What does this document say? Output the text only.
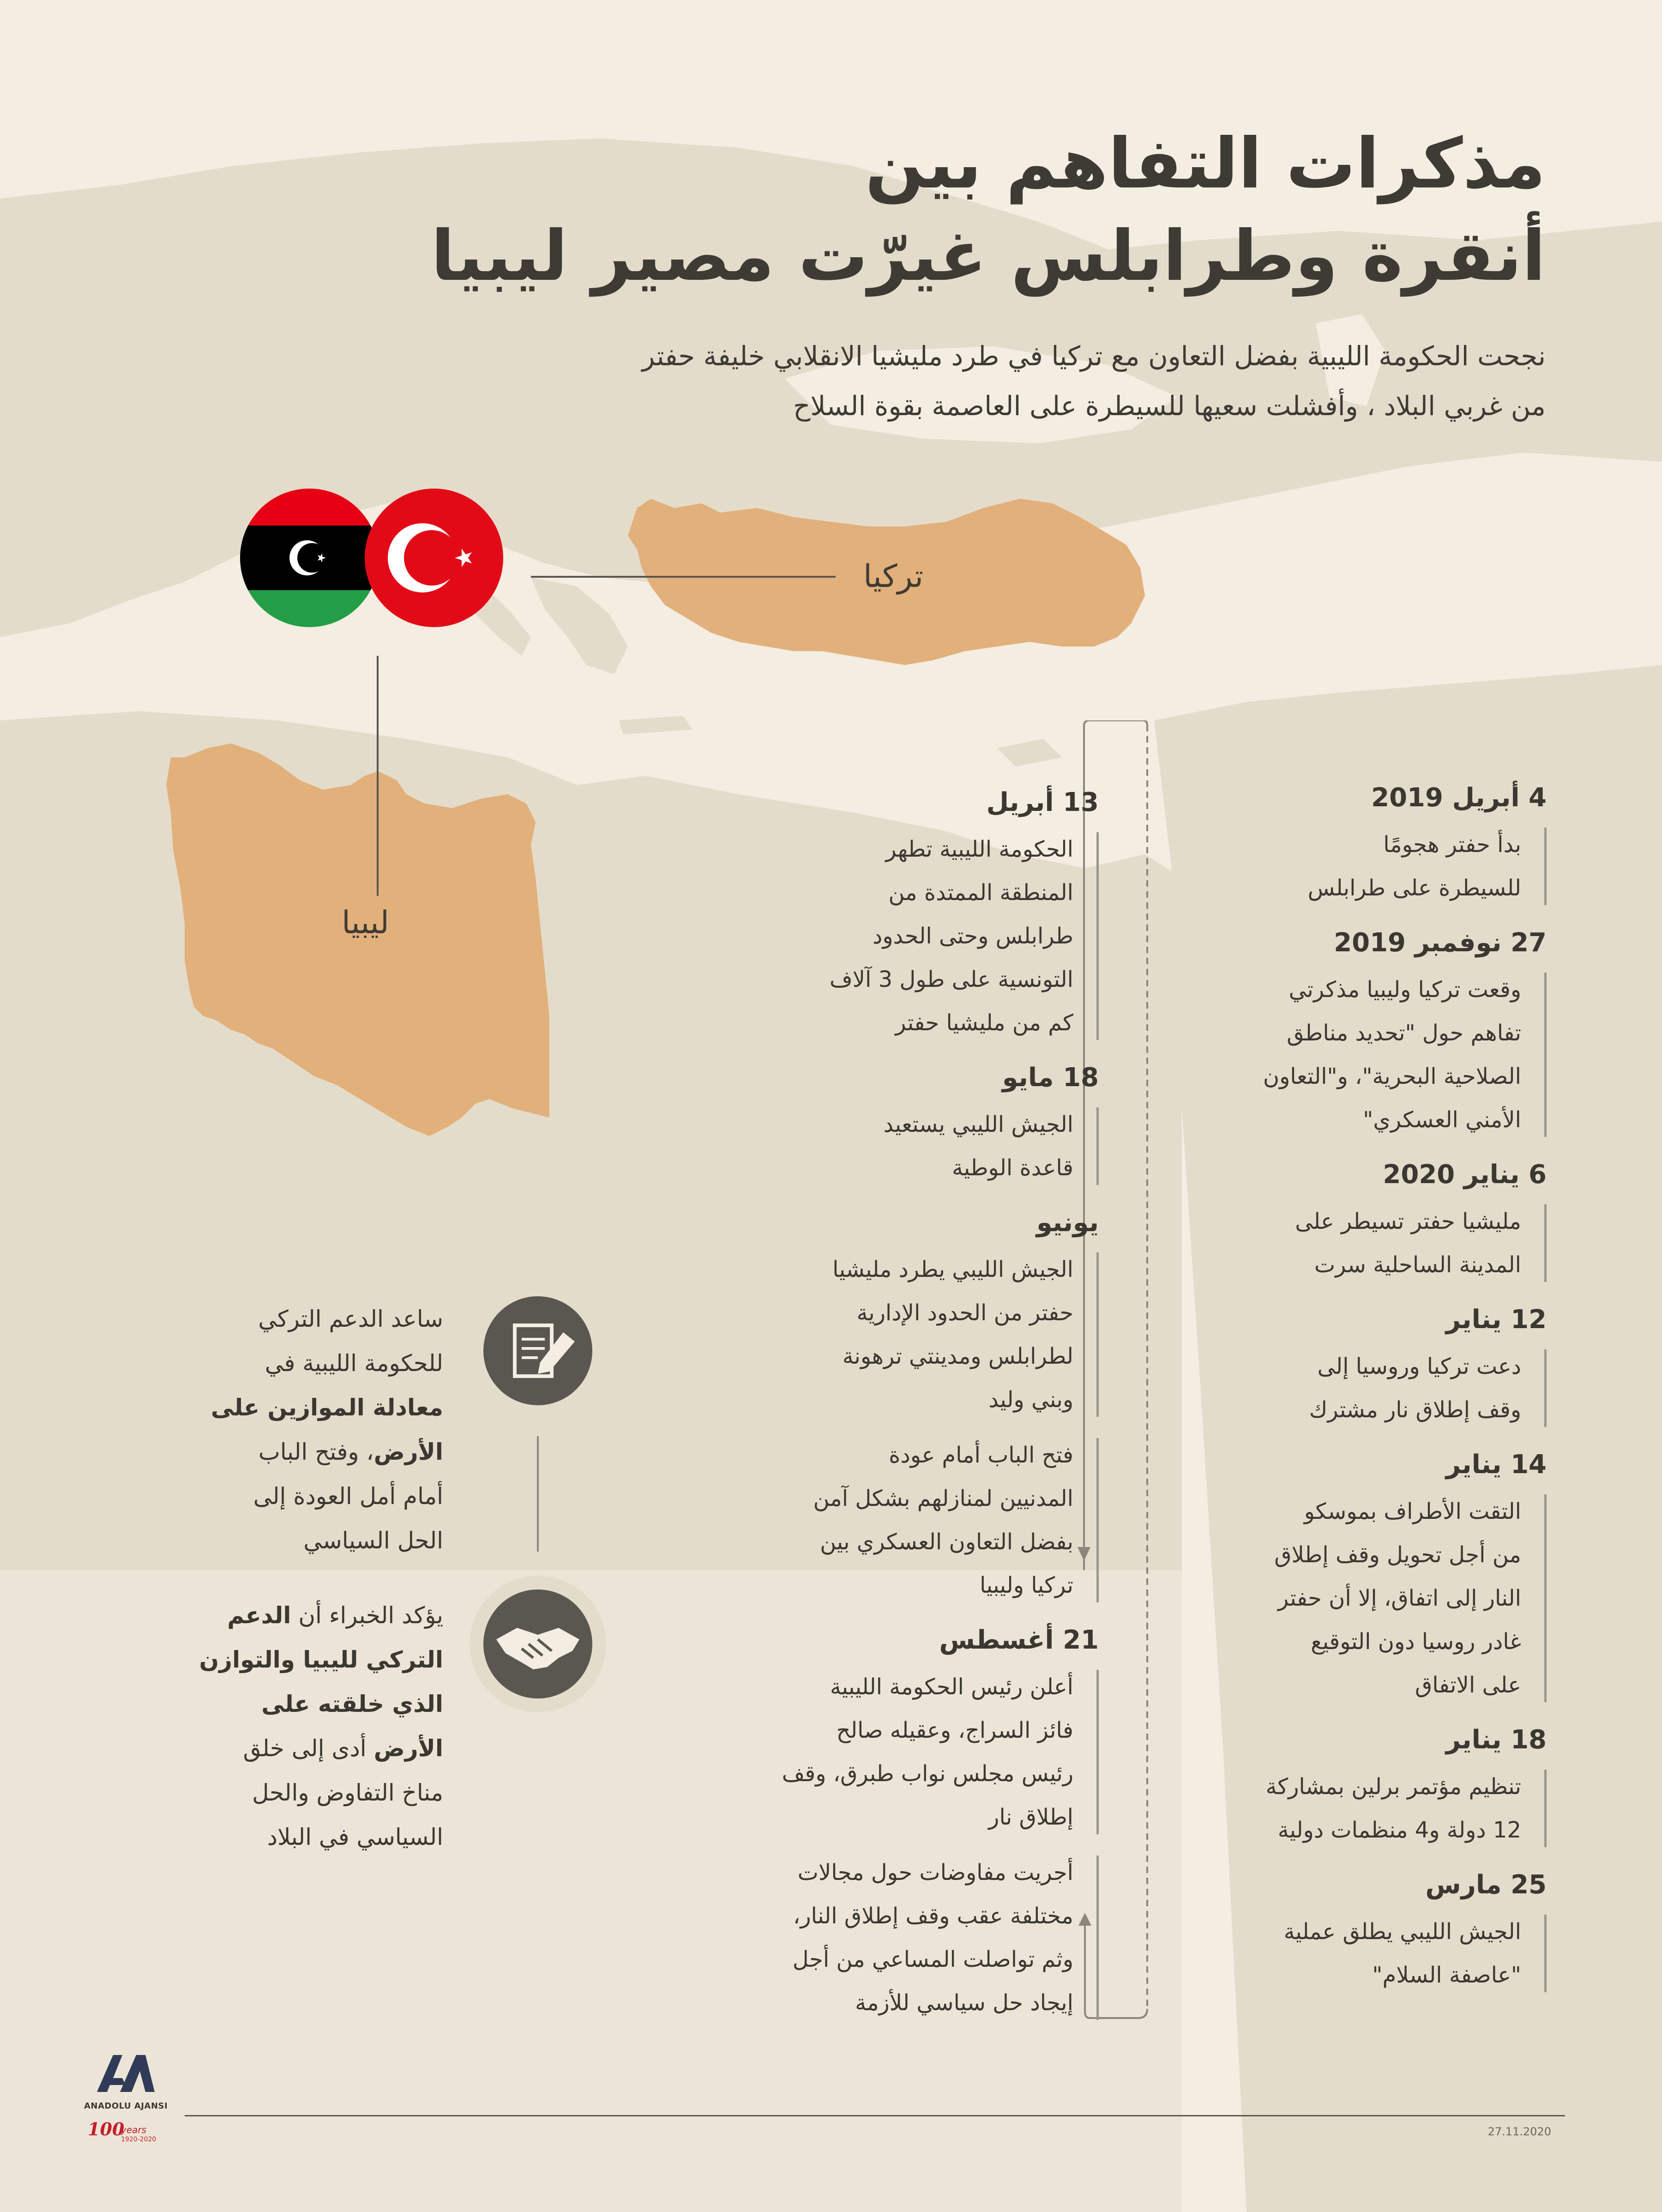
مذكرات التفاهم بين
أنقرة وطرابلس غيرّت مصير ليبيا
نجحت الحكومة الليبية بفضل التعاون مع تركيا في طرد مليشيا الانقلابي خليفة حفتر
من غربي البلاد ، وأفشلت سعيها للسيطرة على العاصمة بقوة السلاح
تركيا
ليبيا
4 أبريل 2019
بدأ حفتر هجومًا
للسيطرة على طرابلس
27 نوفمبر 2019
وقعت تركيا وليبيا مذكرتي
تفاهم حول "تحديد مناطق
الصلاحية البحرية"، و"التعاون
الأمني العسكري"
6 يناير 2020
مليشيا حفتر تسيطر على
المدينة الساحلية سرت
12 يناير
دعت تركيا وروسيا إلى
وقف إطلاق نار مشترك
14 يناير
التقت الأطراف بموسكو
من أجل تحويل وقف إطلاق
النار إلى اتفاق، إلا أن حفتر
غادر روسيا دون التوقيع
على الاتفاق
18 يناير
تنظيم مؤتمر برلين بمشاركة
12 دولة و4 منظمات دولية
25 مارس
الجيش الليبي يطلق عملية
"عاصفة السلام"
13 أبريل
الحكومة الليبية تطهر
المنطقة الممتدة من
طرابلس وحتى الحدود
التونسية على طول 3 آلاف
كم من مليشيا حفتر
18 مايو
الجيش الليبي يستعيد
قاعدة الوطية
يونيو
الجيش الليبي يطرد مليشيا
حفتر من الحدود الإدارية
لطرابلس ومدينتي ترهونة
وبني وليد
فتح الباب أمام عودة
المدنيين لمنازلهم بشكل آمن
بفضل التعاون العسكري بين
تركيا وليبيا
21 أغسطس
أعلن رئيس الحكومة الليبية
فائز السراج، وعقيله صالح
رئيس مجلس نواب طبرق، وقف
إطلاق نار
أجريت مفاوضات حول مجالات
مختلفة عقب وقف إطلاق النار،
وثم تواصلت المساعي من أجل
إيجاد حل سياسي للأزمة
ساعد الدعم التركي
للحكومة الليبية في
معادلة الموازين على
الأرض، وفتح الباب
أمام أمل العودة إلى
الحل السياسي
يؤكد الخبراء أن الدعم
التركي لليبيا والتوازن
الذي خلقته على
الأرض أدى إلى خلق
مناخ التفاوض والحل
السياسي في البلاد
ANADOLU AJANSI
100
years
1920-2020
27.11.2020
